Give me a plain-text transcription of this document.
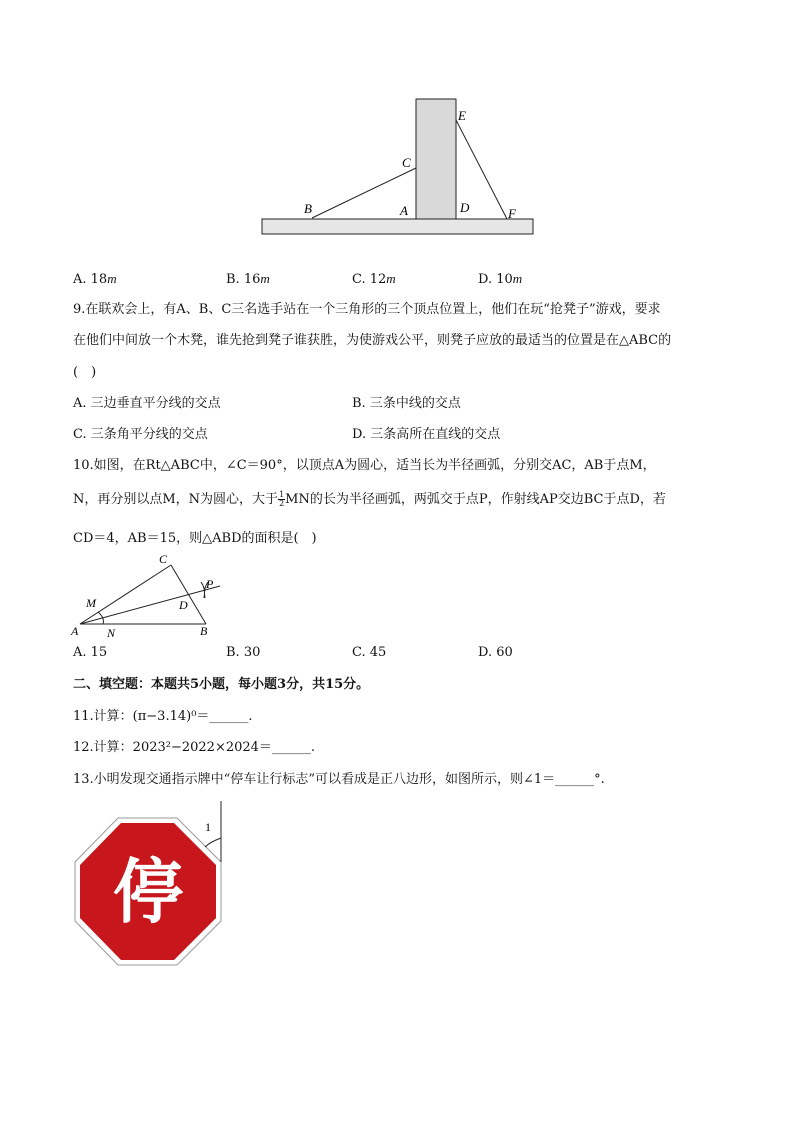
B	A
C
D
E
F
A. 18m	B. 16m	C. 12m	D. 10m
9.在联欢会上，有A、B、C三名选手站在一个三角形的三个顶点位置上，他们在玩“抢凳子”游戏，要求
在他们中间放一个木凳，谁先抢到凳子谁获胜，为使游戏公平，则凳子应放的最适当的位置是在△ABC的
(　)
A. 三边垂直平分线的交点	B. 三条中线的交点
C. 三条角平分线的交点	D. 三条高所在直线的交点
10.如图，在Rt△ABC中，∠C＝90°，以顶点A为圆心，适当长为半径画弧，分别交AC，AB于点M，
N，再分别以点M，N为圆心，大于 $\frac{1}{2}$ MN的长为半径画弧，两弧交于点P，作射线AP交边BC于点D，若
CD＝4，AB＝15，则△ABD的面积是(　)
C
P
M	D
A N	B
A. 15	B. 30	C. 45	D. 60
二、填空题：本题共5小题，每小题3分，共15分。
11.计算：(π−3.14)⁰＝______.
12.计算：2023²−2022×2024＝______.
13.小明发现交通指示牌中“停车让行标志”可以看成是正八边形，如图所示，则∠1＝______°.
停
1
